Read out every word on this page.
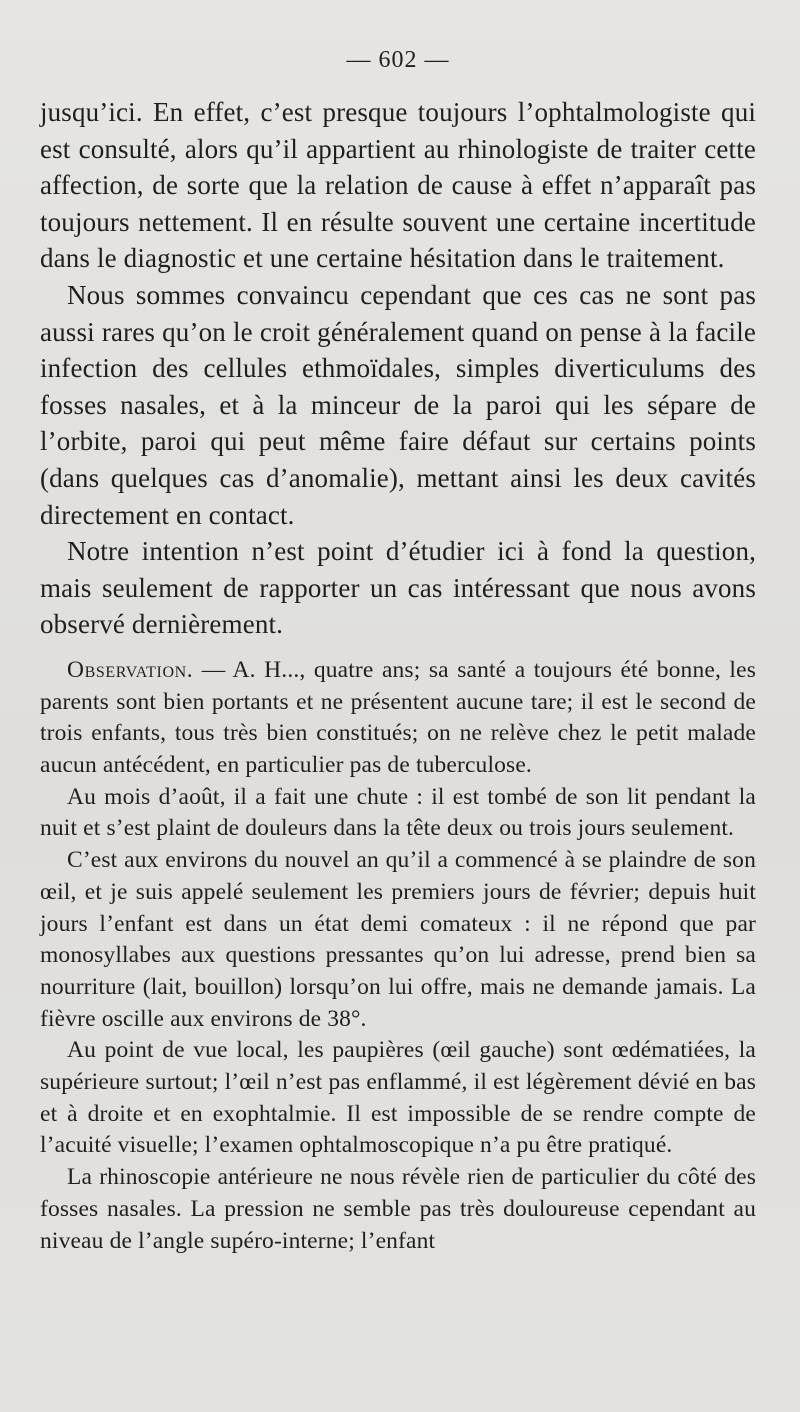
— 602 —

jusqu’ici. En effet, c’est presque toujours l’ophtalmologiste qui est consulté, alors qu’il appartient au rhinologiste de traiter cette affection, de sorte que la relation de cause à effet n’apparaît pas toujours nettement. Il en résulte souvent une certaine incertitude dans le diagnostic et une certaine hésitation dans le traitement.

Nous sommes convaincu cependant que ces cas ne sont pas aussi rares qu’on le croit généralement quand on pense à la facile infection des cellules ethmoïdales, simples diverticulums des fosses nasales, et à la minceur de la paroi qui les sépare de l’orbite, paroi qui peut même faire défaut sur certains points (dans quelques cas d’anomalie), mettant ainsi les deux cavités directement en contact.

Notre intention n’est point d’étudier ici à fond la question, mais seulement de rapporter un cas intéressant que nous avons observé dernièrement.

Observation. — A. H..., quatre ans; sa santé a toujours été bonne, les parents sont bien portants et ne présentent aucune tare; il est le second de trois enfants, tous très bien constitués; on ne relève chez le petit malade aucun antécédent, en particulier pas de tuberculose.

Au mois d’août, il a fait une chute : il est tombé de son lit pendant la nuit et s’est plaint de douleurs dans la tête deux ou trois jours seulement.

C’est aux environs du nouvel an qu’il a commencé à se plaindre de son œil, et je suis appelé seulement les premiers jours de février; depuis huit jours l’enfant est dans un état demi comateux : il ne répond que par monosyllabes aux questions pressantes qu’on lui adresse, prend bien sa nourriture (lait, bouillon) lorsqu’on lui offre, mais ne demande jamais. La fièvre oscille aux environs de 38°.

Au point de vue local, les paupières (œil gauche) sont œdématiées, la supérieure surtout; l’œil n’est pas enflammé, il est légèrement dévié en bas et à droite et en exophtalmie. Il est impossible de se rendre compte de l’acuité visuelle; l’examen ophtalmoscopique n’a pu être pratiqué.

La rhinoscopie antérieure ne nous révèle rien de particulier du côté des fosses nasales. La pression ne semble pas très douloureuse cependant au niveau de l’angle supéro-interne; l’enfant
